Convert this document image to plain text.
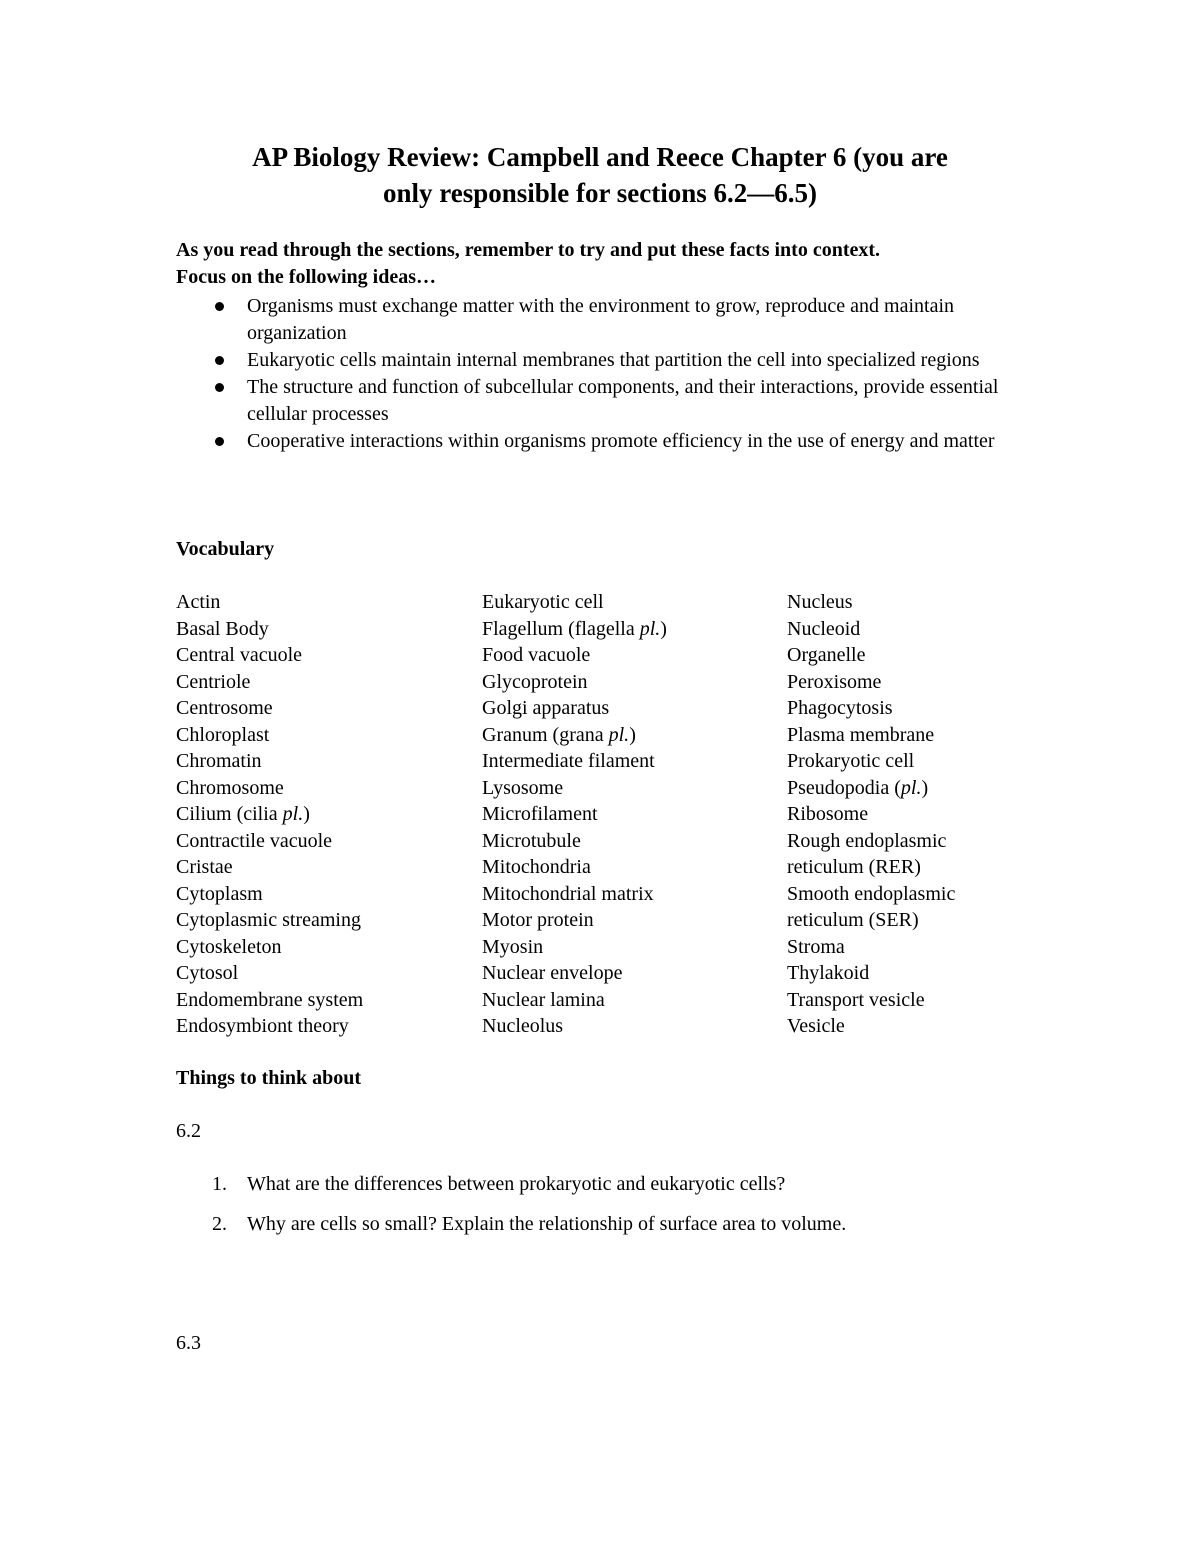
AP Biology Review: Campbell and Reece Chapter 6 (you are
only responsible for sections 6.2—6.5)
As you read through the sections, remember to try and put these facts into context.
Focus on the following ideas…
Organisms must exchange matter with the environment to grow, reproduce and maintain organization
Eukaryotic cells maintain internal membranes that partition the cell into specialized regions
The structure and function of subcellular components, and their interactions, provide essential cellular processes
Cooperative interactions within organisms promote efficiency in the use of energy and matter
Vocabulary
Actin
Basal Body
Central vacuole
Centriole
Centrosome
Chloroplast
Chromatin
Chromosome
Cilium (cilia pl.)
Contractile vacuole
Cristae
Cytoplasm
Cytoplasmic streaming
Cytoskeleton
Cytosol
Endomembrane system
Endosymbiont theory
Eukaryotic cell
Flagellum (flagella pl.)
Food vacuole
Glycoprotein
Golgi apparatus
Granum (grana pl.)
Intermediate filament
Lysosome
Microfilament
Microtubule
Mitochondria
Mitochondrial matrix
Motor protein
Myosin
Nuclear envelope
Nuclear lamina
Nucleolus
Nucleus
Nucleoid
Organelle
Peroxisome
Phagocytosis
Plasma membrane
Prokaryotic cell
Pseudopodia (pl.)
Ribosome
Rough endoplasmic
reticulum (RER)
Smooth endoplasmic
reticulum (SER)
Stroma
Thylakoid
Transport vesicle
Vesicle
Things to think about
6.2
1. What are the differences between prokaryotic and eukaryotic cells?
2. Why are cells so small? Explain the relationship of surface area to volume.
6.3
